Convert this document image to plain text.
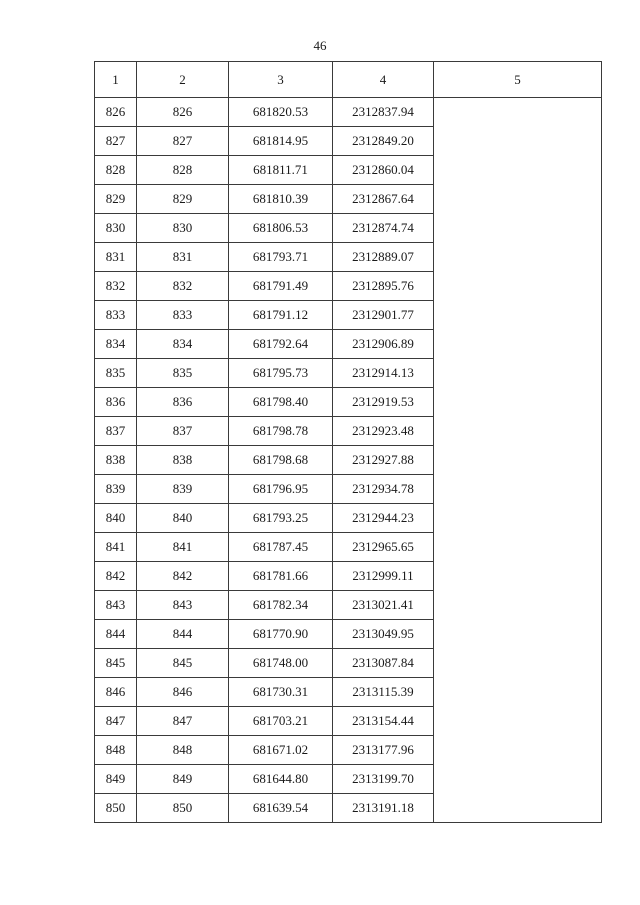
46
1	2	3	4	5
826	826	681820.53	2312837.94	
827	827	681814.95	2312849.20	
828	828	681811.71	2312860.04	
829	829	681810.39	2312867.64	
830	830	681806.53	2312874.74	
831	831	681793.71	2312889.07	
832	832	681791.49	2312895.76	
833	833	681791.12	2312901.77	
834	834	681792.64	2312906.89	
835	835	681795.73	2312914.13	
836	836	681798.40	2312919.53	
837	837	681798.78	2312923.48	
838	838	681798.68	2312927.88	
839	839	681796.95	2312934.78	
840	840	681793.25	2312944.23	
841	841	681787.45	2312965.65	
842	842	681781.66	2312999.11	
843	843	681782.34	2313021.41	
844	844	681770.90	2313049.95	
845	845	681748.00	2313087.84	
846	846	681730.31	2313115.39	
847	847	681703.21	2313154.44	
848	848	681671.02	2313177.96	
849	849	681644.80	2313199.70	
850	850	681639.54	2313191.18	
